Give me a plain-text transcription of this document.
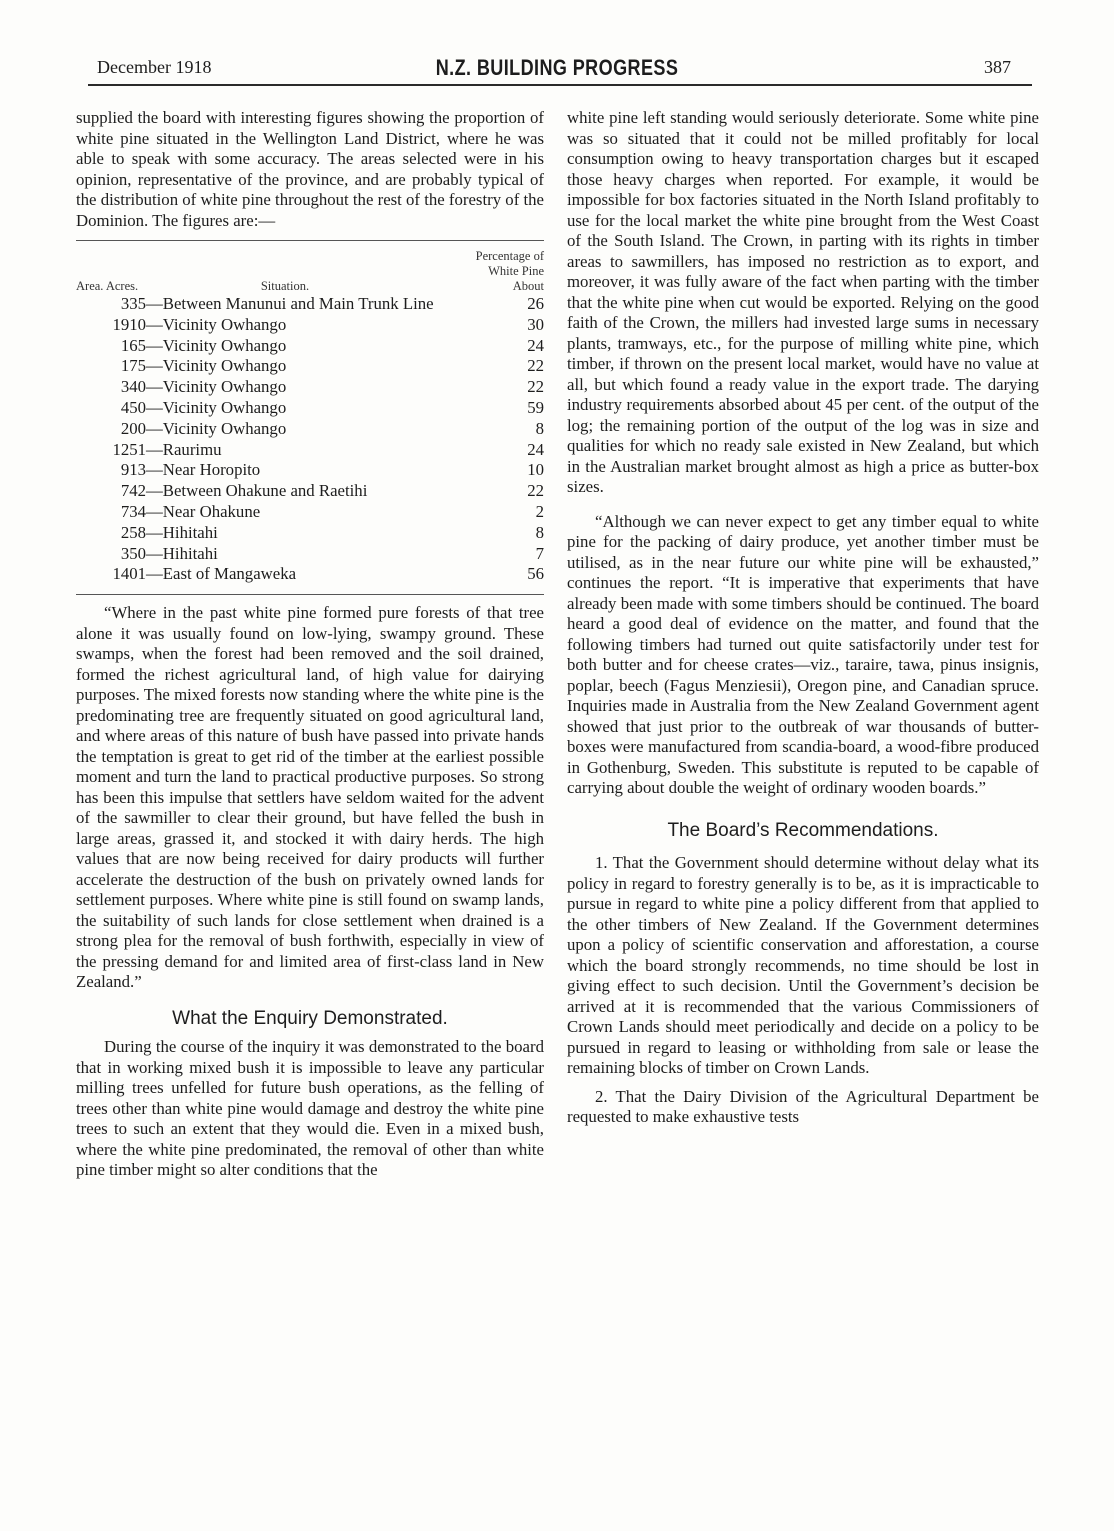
December 1918	N.Z. BUILDING PROGRESS	387

supplied the board with interesting figures showing the proportion of white pine situated in the Wellington Land District, where he was able to speak with some accuracy. The areas selected were in his opinion, representative of the province, and are probably typical of the distribution of white pine throughout the rest of the forestry of the Dominion. The figures are:—

Area. Acres.	Situation.	Percentage of White Pine About
335	—Between Manunui and Main Trunk Line	26
1910	—Vicinity Owhango	30
165	—Vicinity Owhango	24
175	—Vicinity Owhango	22
340	—Vicinity Owhango	22
450	—Vicinity Owhango	59
200	—Vicinity Owhango	8
1251	—Raurimu	24
913	—Near Horopito	10
742	—Between Ohakune and Raetihi	22
734	—Near Ohakune	2
258	—Hihitahi	8
350	—Hihitahi	7
1401	—East of Mangaweka	56

“Where in the past white pine formed pure forests of that tree alone it was usually found on low-lying, swampy ground. These swamps, when the forest had been removed and the soil drained, formed the richest agricultural land, of high value for dairying purposes. The mixed forests now standing where the white pine is the predominating tree are frequently situated on good agricultural land, and where areas of this nature of bush have passed into private hands the temptation is great to get rid of the timber at the earliest possible moment and turn the land to practical productive purposes. So strong has been this impulse that settlers have seldom waited for the advent of the sawmiller to clear their ground, but have felled the bush in large areas, grassed it, and stocked it with dairy herds. The high values that are now being received for dairy products will further accelerate the destruction of the bush on privately owned lands for settlement purposes. Where white pine is still found on swamp lands, the suitability of such lands for close settlement when drained is a strong plea for the removal of bush forthwith, especially in view of the pressing demand for and limited area of first-class land in New Zealand.”

What the Enquiry Demonstrated.

During the course of the inquiry it was demonstrated to the board that in working mixed bush it is impossible to leave any particular milling trees unfelled for future bush operations, as the felling of trees other than white pine would damage and destroy the white pine trees to such an extent that they would die. Even in a mixed bush, where the white pine predominated, the removal of other than white pine timber might so alter conditions that the

white pine left standing would seriously deteriorate. Some white pine was so situated that it could not be milled profitably for local consumption owing to heavy transportation charges but it escaped those heavy charges when reported. For example, it would be impossible for box factories situated in the North Island profitably to use for the local market the white pine brought from the West Coast of the South Island. The Crown, in parting with its rights in timber areas to sawmillers, has imposed no restriction as to export, and moreover, it was fully aware of the fact when parting with the timber that the white pine when cut would be exported. Relying on the good faith of the Crown, the millers had invested large sums in necessary plants, tramways, etc., for the purpose of milling white pine, which timber, if thrown on the present local market, would have no value at all, but which found a ready value in the export trade. The darying industry requirements absorbed about 45 per cent. of the output of the log; the remaining portion of the output of the log was in size and qualities for which no ready sale existed in New Zealand, but which in the Australian market brought almost as high a price as butter-box sizes.

“Although we can never expect to get any timber equal to white pine for the packing of dairy produce, yet another timber must be utilised, as in the near future our white pine will be exhausted,” continues the report. “It is imperative that experiments that have already been made with some timbers should be continued. The board heard a good deal of evidence on the matter, and found that the following timbers had turned out quite satisfactorily under test for both butter and for cheese crates—viz., taraire, tawa, pinus insignis, poplar, beech (Fagus Menziesii), Oregon pine, and Canadian spruce. Inquiries made in Australia from the New Zealand Government agent showed that just prior to the outbreak of war thousands of butter-boxes were manufactured from scandia-board, a wood-fibre produced in Gothenburg, Sweden. This substitute is reputed to be capable of carrying about double the weight of ordinary wooden boards.”

The Board’s Recommendations.

1. That the Government should determine without delay what its policy in regard to forestry generally is to be, as it is impracticable to pursue in regard to white pine a policy different from that applied to the other timbers of New Zealand. If the Government determines upon a policy of scientific conservation and afforestation, a course which the board strongly recommends, no time should be lost in giving effect to such decision. Until the Government’s decision be arrived at it is recommended that the various Commissioners of Crown Lands should meet periodically and decide on a policy to be pursued in regard to leasing or withholding from sale or lease the remaining blocks of timber on Crown Lands.

2. That the Dairy Division of the Agricultural Department be requested to make exhaustive tests
